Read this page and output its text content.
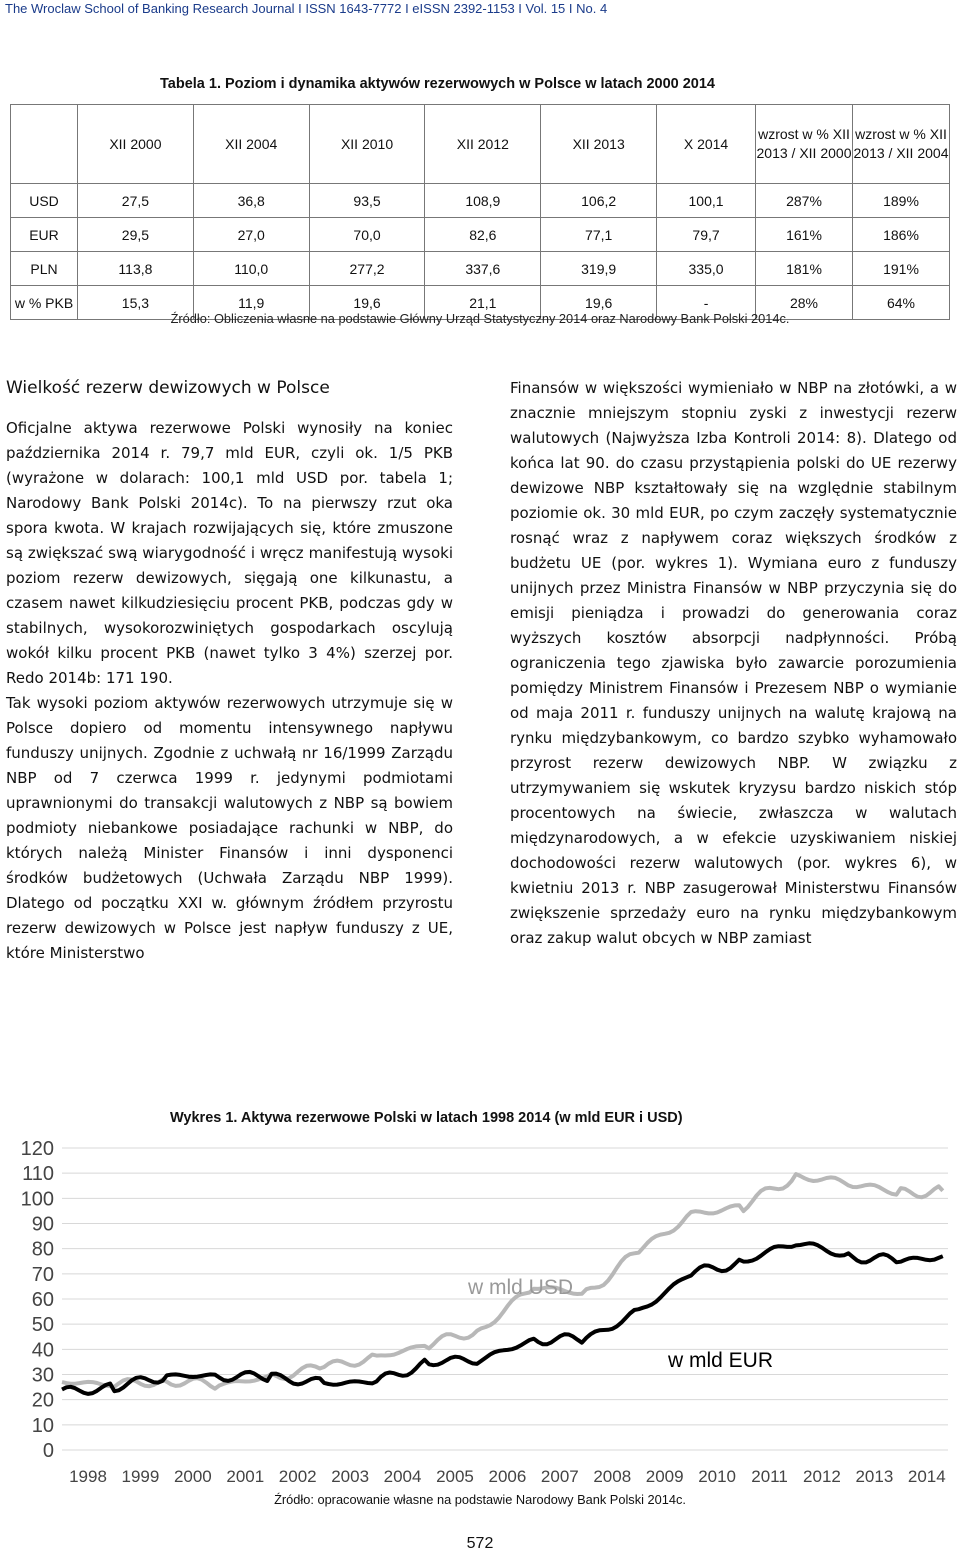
The Wroclaw School of Banking Research Journal I ISSN 1643-7772 I eISSN 2392-1153 I Vol. 15 I No. 4
Tabela 1. Poziom i dynamika aktywów rezerwowych w Polsce w latach 2000 2014
	XII 2000	XII 2004	XII 2010	XII 2012	XII 2013	X 2014	wzrost w % XII 2013 / XII 2000	wzrost w % XII 2013 / XII 2004
USD	27,5	36,8	93,5	108,9	106,2	100,1	287%	189%
EUR	29,5	27,0	70,0	82,6	77,1	79,7	161%	186%
PLN	113,8	110,0	277,2	337,6	319,9	335,0	181%	191%
w % PKB	15,3	11,9	19,6	21,1	19,6	-	28%	64%
Źródło: Obliczenia własne na podstawie Główny Urząd Statystyczny 2014 oraz Narodowy Bank Polski 2014c.
Wielkość rezerw dewizowych w Polsce

Oficjalne aktywa rezerwowe Polski wynosiły na koniec października 2014 r. 79,7 mld EUR, czyli ok. 1/5 PKB (wyrażone w dolarach: 100,1 mld USD por. tabela 1; Narodowy Bank Polski 2014c). To na pierwszy rzut oka spora kwota. W krajach rozwijających się, które zmuszone są zwiększać swą wiarygodność i wręcz manifestują wysoki poziom rezerw dewizowych, sięgają one kilkunastu, a czasem nawet kilkudziesięciu procent PKB, podczas gdy w stabilnych, wysokorozwiniętych gospodarkach oscylują wokół kilku procent PKB (nawet tylko 3 4%) szerzej por. Redo 2014b: 171 190.

Tak wysoki poziom aktywów rezerwowych utrzymuje się w Polsce dopiero od momentu intensywnego napływu funduszy unijnych. Zgodnie z uchwałą nr 16/1999 Zarządu NBP od 7 czerwca 1999 r. jedynymi podmiotami uprawnionymi do transakcji walutowych z NBP są bowiem podmioty niebankowe posiadające rachunki w NBP, do których należą Minister Finansów i inni dysponenci środków budżetowych (Uchwała Zarządu NBP 1999). Dlatego od początku XXI w. głównym źródłem przyrostu rezerw dewizowych w Polsce jest napływ funduszy z UE, które Ministerstwo

Finansów w większości wymieniało w NBP na złotówki, a w znacznie mniejszym stopniu zyski z inwestycji rezerw walutowych (Najwyższa Izba Kontroli 2014: 8). Dlatego od końca lat 90. do czasu przystąpienia polski do UE rezerwy dewizowe NBP kształtowały się na względnie stabilnym poziomie ok. 30 mld EUR, po czym zaczęły systematycznie rosnąć wraz z napływem coraz większych środków z budżetu UE (por. wykres 1). Wymiana euro z funduszy unijnych przez Ministra Finansów w NBP przyczynia się do emisji pieniądza i prowadzi do generowania coraz wyższych kosztów absorpcji nadpłynności. Próbą ograniczenia tego zjawiska było zawarcie porozumienia pomiędzy Ministrem Finansów i Prezesem NBP o wymianie od maja 2011 r. funduszy unijnych na walutę krajową na rynku międzybankowym, co bardzo szybko wyhamowało przyrost rezerw dewizowych NBP. W związku z utrzymywaniem się wskutek kryzysu bardzo niskich stóp procentowych na świecie, zwłaszcza w walutach międzynarodowych, a w efekcie uzyskiwaniem niskiej dochodowości rezerw walutowych (por. wykres 6), w kwietniu 2013 r. NBP zasugerował Ministerstwu Finansów zwiększenie sprzedaży euro na rynku międzybankowym oraz zakup walut obcych w NBP zamiast

Wykres 1. Aktywa rezerwowe Polski w latach 1998 2014 (w mld EUR i USD)
0
10
20
30
40
50
60
70
80
90
100
110
120
1998 1999 2000 2001 2002 2003 2004 2005 2006 2007 2008 2009 2010 2011 2012 2013 2014
w mld USD
w mld EUR
Źródło: opracowanie własne na podstawie Narodowy Bank Polski 2014c.
572
